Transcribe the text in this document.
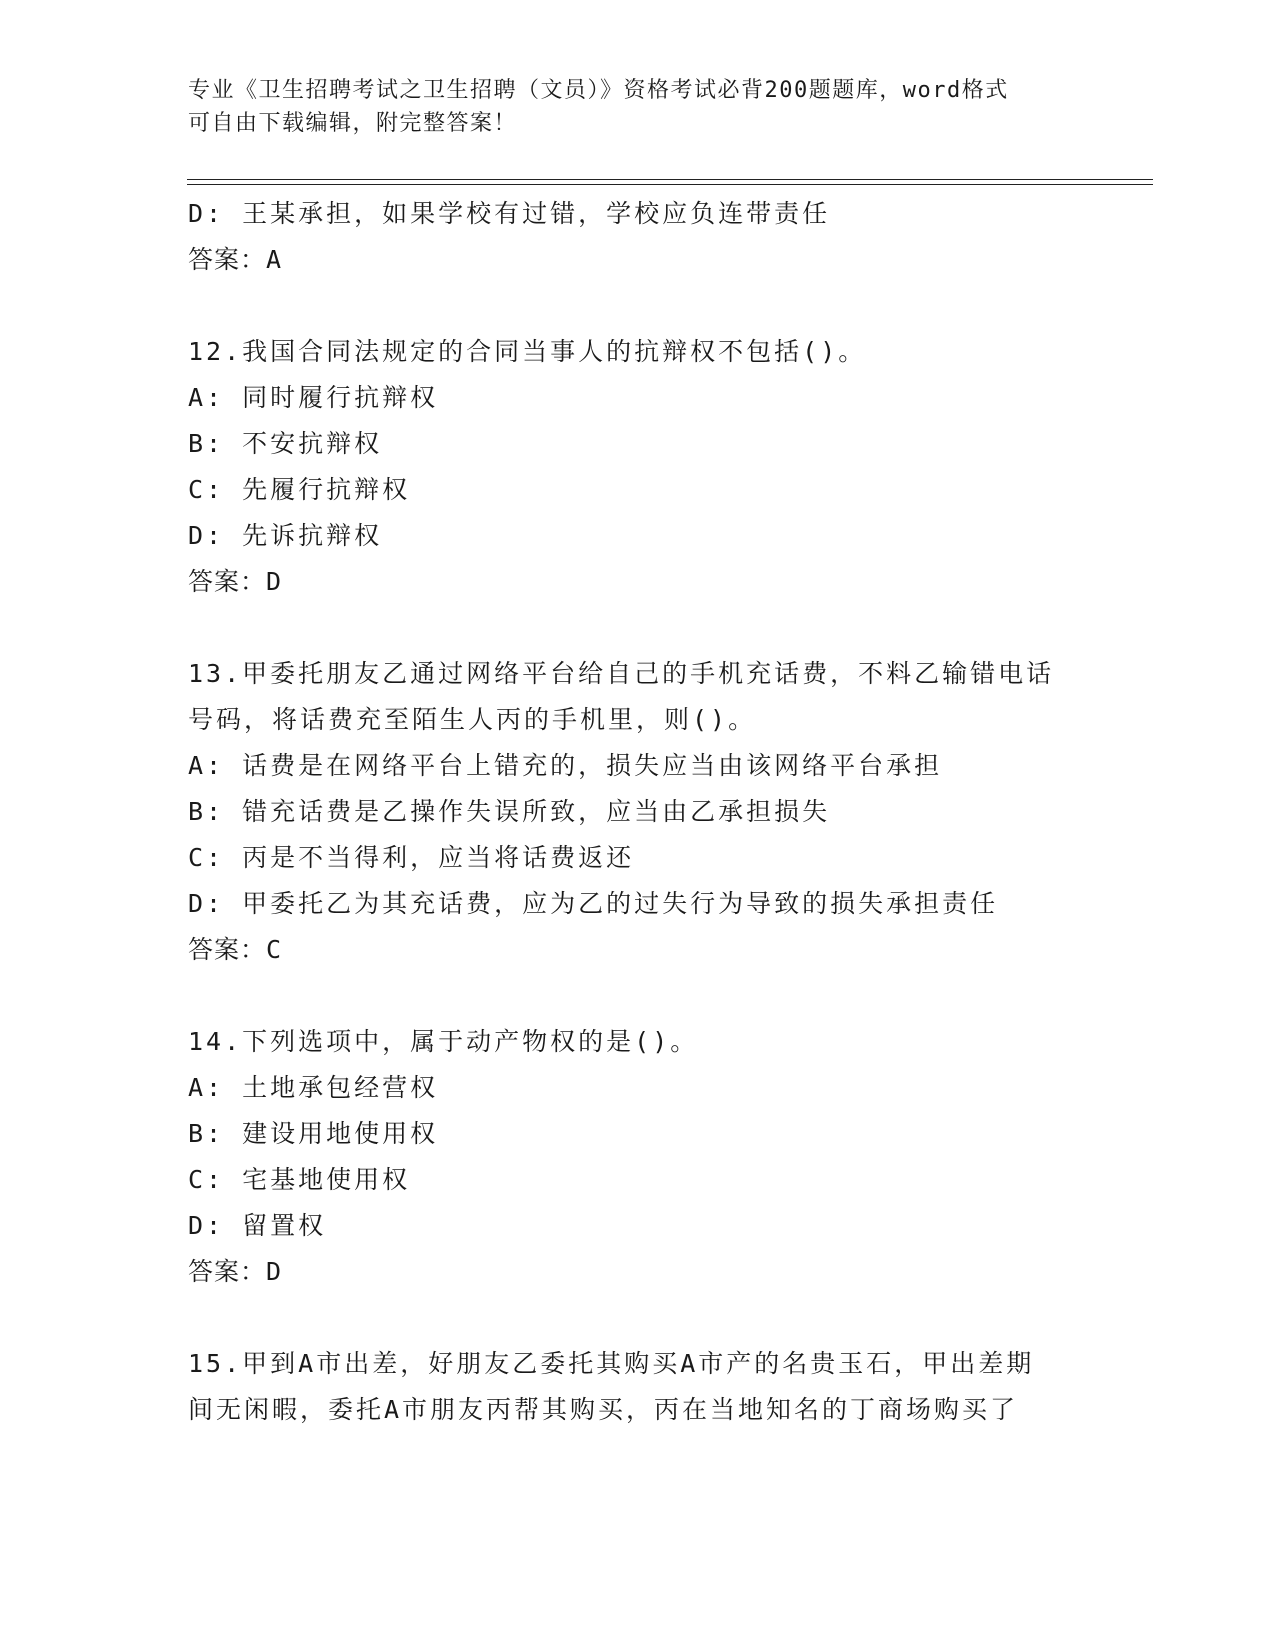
专业《卫生招聘考试之卫生招聘（文员）》资格考试必背200题题库，word格式
可自由下载编辑，附完整答案！
D: 王某承担，如果学校有过错，学校应负连带责任
答案：A
12.我国合同法规定的合同当事人的抗辩权不包括()。
A: 同时履行抗辩权
B: 不安抗辩权
C: 先履行抗辩权
D: 先诉抗辩权
答案：D
13.甲委托朋友乙通过网络平台给自己的手机充话费，不料乙输错电话
号码，将话费充至陌生人丙的手机里，则()。
A: 话费是在网络平台上错充的，损失应当由该网络平台承担
B: 错充话费是乙操作失误所致，应当由乙承担损失
C: 丙是不当得利，应当将话费返还
D: 甲委托乙为其充话费，应为乙的过失行为导致的损失承担责任
答案：C
14.下列选项中，属于动产物权的是()。
A: 土地承包经营权
B: 建设用地使用权
C: 宅基地使用权
D: 留置权
答案：D
15.甲到A市出差，好朋友乙委托其购买A市产的名贵玉石，甲出差期
间无闲暇，委托A市朋友丙帮其购买，丙在当地知名的丁商场购买了
